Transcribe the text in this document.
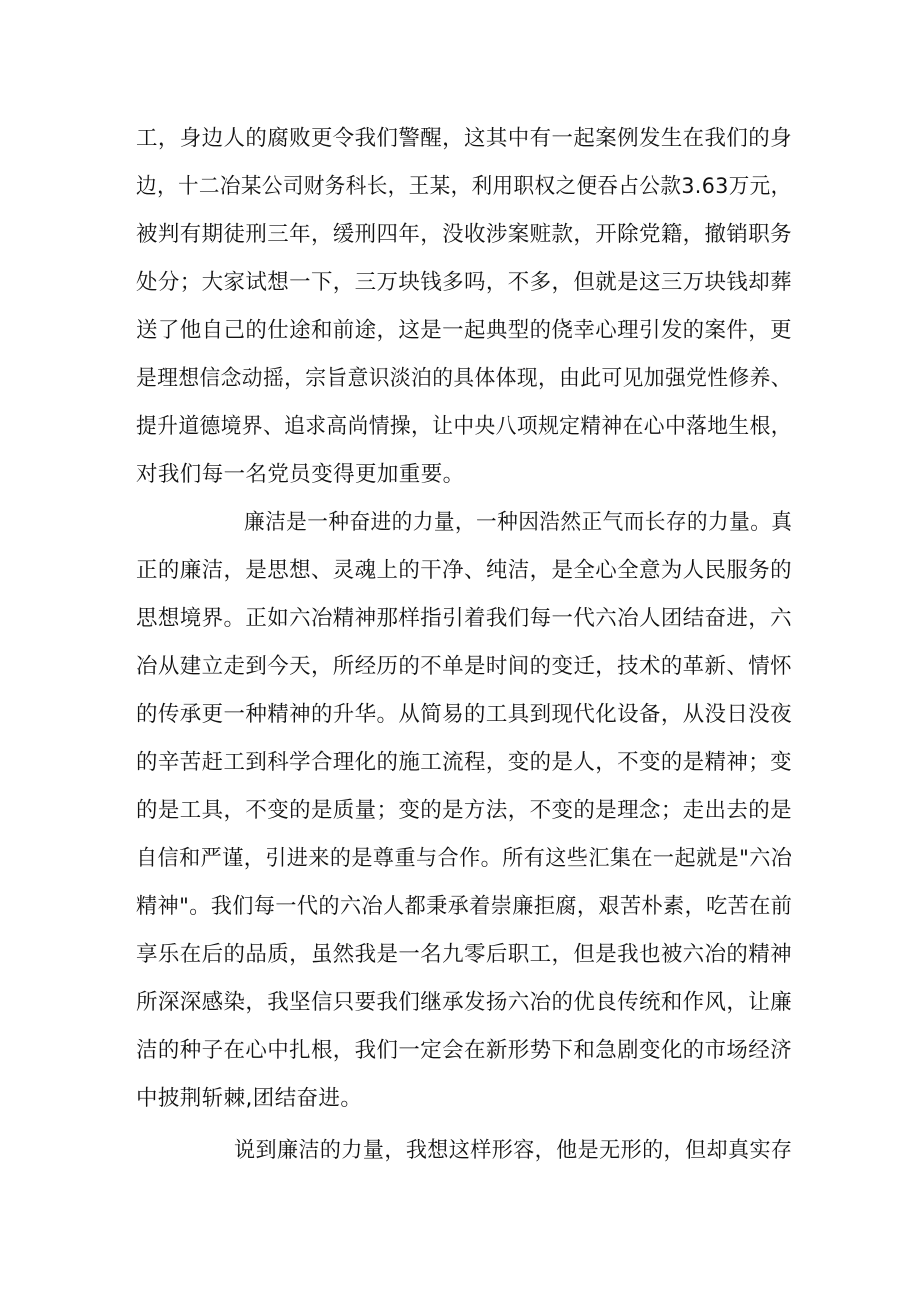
工，身边人的腐败更令我们警醒，这其中有一起案例发生在我们的身
边，十二冶某公司财务科长，王某，利用职权之便吞占公款3.63万元，
被判有期徒刑三年，缓刑四年，没收涉案赃款，开除党籍，撤销职务
处分；大家试想一下，三万块钱多吗，不多，但就是这三万块钱却葬
送了他自己的仕途和前途，这是一起典型的侥幸心理引发的案件，更
是理想信念动摇，宗旨意识淡泊的具体体现，由此可见加强党性修养、
提升道德境界、追求高尚情操，让中央八项规定精神在心中落地生根，
对我们每一名党员变得更加重要。
廉洁是一种奋进的力量，一种因浩然正气而长存的力量。真
正的廉洁，是思想、灵魂上的干净、纯洁，是全心全意为人民服务的
思想境界。正如六冶精神那样指引着我们每一代六冶人团结奋进，六
冶从建立走到今天，所经历的不单是时间的变迁，技术的革新、情怀
的传承更一种精神的升华。从简易的工具到现代化设备，从没日没夜
的辛苦赶工到科学合理化的施工流程，变的是人，不变的是精神；变
的是工具，不变的是质量；变的是方法，不变的是理念；走出去的是
自信和严谨，引进来的是尊重与合作。所有这些汇集在一起就是"六冶
精神"。我们每一代的六冶人都秉承着崇廉拒腐，艰苦朴素，吃苦在前
享乐在后的品质，虽然我是一名九零后职工，但是我也被六冶的精神
所深深感染，我坚信只要我们继承发扬六冶的优良传统和作风，让廉
洁的种子在心中扎根，我们一定会在新形势下和急剧变化的市场经济
中披荆斩棘,团结奋进。
说到廉洁的力量，我想这样形容，他是无形的，但却真实存
